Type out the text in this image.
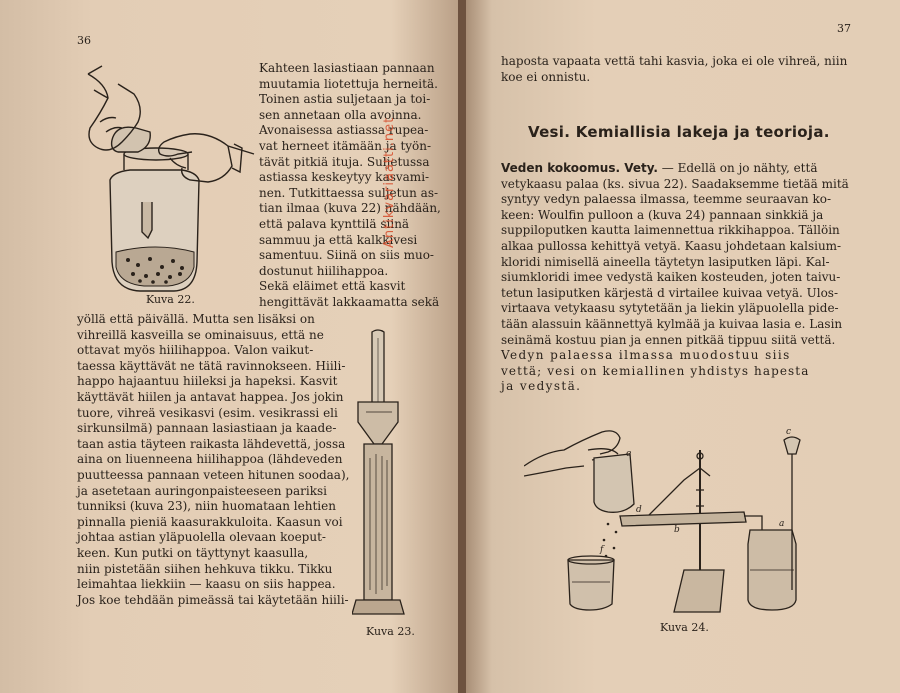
36
Kuva 22.
Kahteen lasiastiaan pannaan
muutamia liotettuja herneitä.
Toinen astia suljetaan ja toi-
sen annetaan olla avoinna.
Avonaisessa astiassa rupea-
vat herneet itämään ja työn-
tävät pitkiä ituja. Suljetussa
astiassa keskeytyy kasvami-
nen. Tutkittaessa suljetun as-
tian ilmaa (kuva 22) nähdään,
että palava kynttilä siinä
sammuu ja että kalkkivesi
samentuu. Siinä on siis muo-
dostunut hiilihappoa.
Sekä eläimet että kasvit
hengittävät lakkaamatta sekä
yöllä että päivällä. Mutta sen lisäksi on
vihreillä kasveilla se ominaisuus, että ne
ottavat myös hiilihappoa. Valon vaikut-
taessa käyttävät ne tätä ravinnokseen. Hiili-
happo hajaantuu hiileksi ja hapeksi. Kasvit
käyttävät hiilen ja antavat happea. Jos jokin
tuore, vihreä vesikasvi (esim. vesikrassi eli
sirkunsilmä) pannaan lasiastiaan ja kaade-
taan astia täyteen raikasta lähdevettä, jossa
aina on liuenneena hiilihappoa (lähdeveden
puutteessa pannaan veteen hitunen soodaa),
ja asetetaan auringonpaisteeseen pariksi
tunniksi (kuva 23), niin huomataan lehtien
pinnalla pieniä kaasurakkuloita. Kaasun voi
johtaa astian yläpuolella olevaan koeput-
keen. Kun putki on täyttynyt kaasulla,
niin pistetään siihen hehkuva tikku. Tikku
leimahtaa liekkiin — kaasu on siis happea.
Jos koe tehdään pimeässä tai käytetään hiili-
Kuva 23.
Antikvariaatti.net
37
haposta vapaata vettä tahi kasvia, joka ei ole vihreä, niin
koe ei onnistu.
Vesi. Kemiallisia lakeja ja teorioja.
Veden kokoomus. Vety. — Edellä on jo nähty, että
vetykaasu palaa (ks. sivua 22). Saadaksemme tietää mitä
syntyy vedyn palaessa ilmassa, teemme seuraavan ko-
keen: Woulfin pulloon a (kuva 24) pannaan sinkkiä ja
suppiloputken kautta laimennettua rikkihappoa. Tällöin
alkaa pullossa kehittyä vetyä. Kaasu johdetaan kalsium-
kloridi nimisellä aineella täytetyn lasiputken läpi. Kal-
siumkloridi imee vedystä kaiken kosteuden, joten taivu-
tetun lasiputken kärjestä d virtailee kuivaa vetyä. Ulos-
virtaava vetykaasu sytytetään ja liekin yläpuolella pide-
tään alassuin käännettyä kylmää ja kuivaa lasia e. Lasin
seinämä kostuu pian ja ennen pitkää tippuu siitä vettä.
Vedyn palaessa ilmassa muodostuu siis
vettä; vesi on kemiallinen yhdistys hapesta
ja vedystä.
e
f
b
d
a
c
Kuva 24.
